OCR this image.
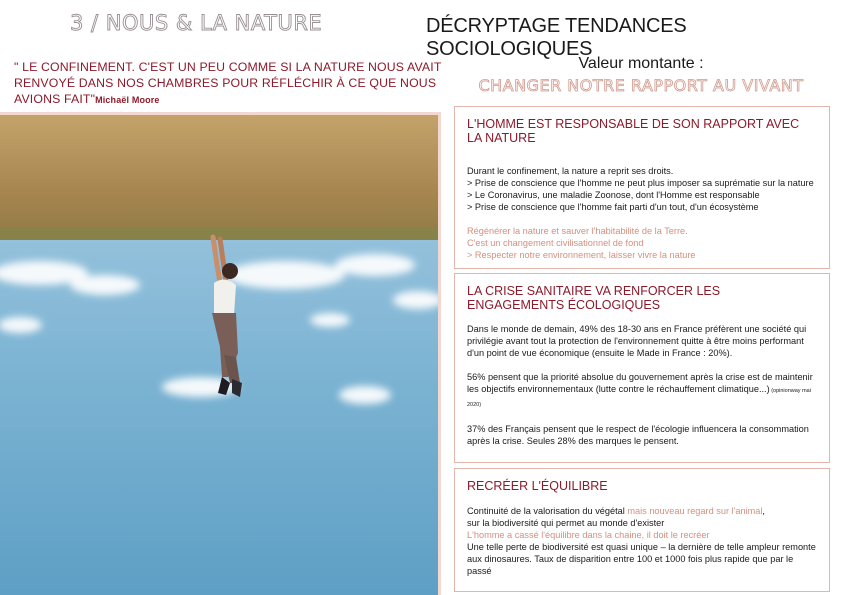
3 / NOUS & LA NATURE	DÉCRYPTAGE TENDANCES SOCIOLOGIQUES
" LE CONFINEMENT. C'EST UN PEU COMME SI LA NATURE NOUS AVAIT RENVOYÉ DANS NOS CHAMBRES POUR RÉFLÉCHIR À CE QUE NOUS AVIONS FAIT"Michaël Moore
Valeur montante :
CHANGER NOTRE RAPPORT AU VIVANT
L'HOMME EST RESPONSABLE DE SON RAPPORT AVEC LA NATURE

Durant le confinement, la nature a reprit ses droits.

> Prise de conscience que l'homme ne peut plus imposer sa suprématie sur la nature

> Le Coronavirus, une maladie Zoonose, dont l'Homme est responsable

> Prise de conscience que l'homme fait parti d'un tout, d'un écosystème

Régénérer la nature et sauver l'habitabilité de la Terre.

C'est un changement civilisationnel de fond

> Respecter notre environnement, laisser vivre la nature

LA CRISE SANITAIRE VA RENFORCER LES ENGAGEMENTS ÉCOLOGIQUES

Dans le monde de demain, 49% des 18-30 ans en France préfèrent une société qui privilégie avant tout la protection de l'environnement quitte à être moins performant d'un point de vue économique (ensuite le Made in France : 20%).

56% pensent que la priorité absolue du gouvernement après la crise est de maintenir les objectifs environnementaux (lutte contre le réchauffement climatique...) (opinionway mai 2020)

37% des Français pensent que le respect de l'écologie influencera la consommation après la crise. Seules 28% des marques le pensent.

RECRÉER L'ÉQUILIBRE

Continuité de la valorisation du végétal mais nouveau regard sur l'animal,

sur la biodiversité qui permet au monde d'exister

L'homme a cassé l'équilibre dans la chaine, il doit le recréer

Une telle perte de biodiversité est quasi unique – la dernière de telle ampleur remonte aux dinosaures. Taux de disparition entre 100 et 1000 fois plus rapide que par le passé
